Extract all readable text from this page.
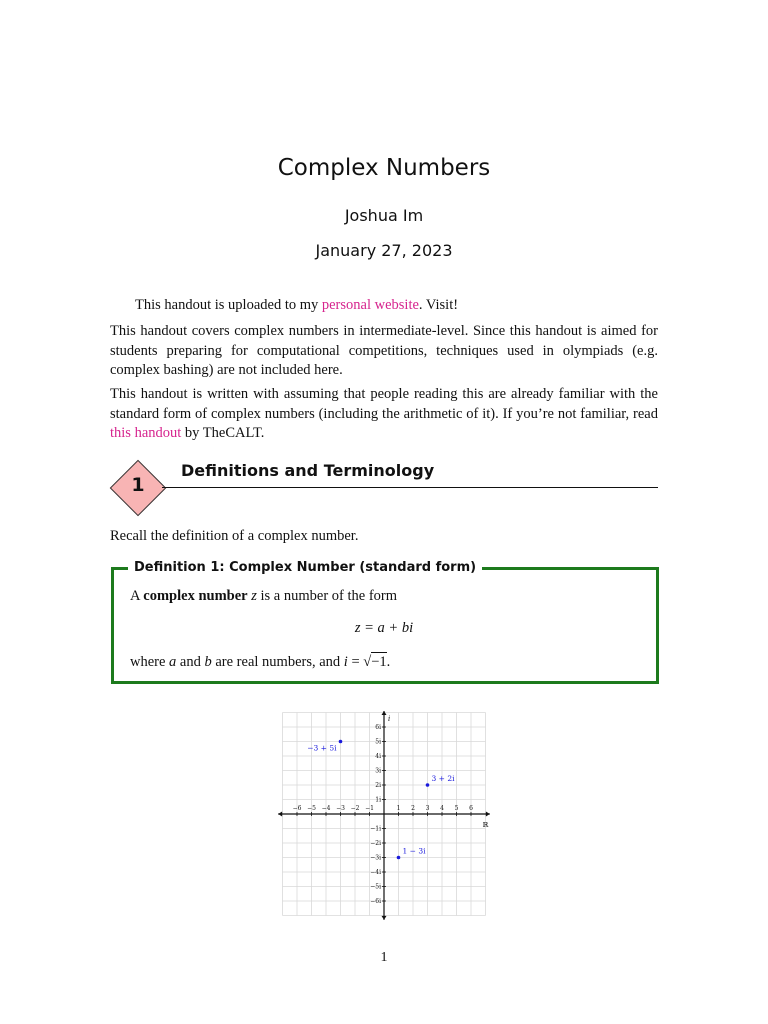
Complex Numbers
Joshua Im
January 27, 2023
This handout is uploaded to my personal website. Visit!
This handout covers complex numbers in intermediate-level. Since this handout is aimed for students preparing for computational competitions, techniques used in olympiads (e.g. complex bashing) are not included here.
This handout is written with assuming that people reading this are already familiar with the standard form of complex numbers (including the arithmetic of it). If you’re not familiar, read this handout by TheCALT.
1
Definitions and Terminology
Recall the definition of a complex number.
Definition 1: Complex Number (standard form)
A complex number z is a number of the form
z = a + bi
where a and b are real numbers, and i = √−1.
ℝ
i
−6 −5 −4 −3 −2 −1	1 2 3 4 5 6
6i
5i
4i
3i
2i
1i
−1i
−2i
−3i
−4i
−5i
−6i
−3 + 5i
3 + 2i
1 − 3i
1
